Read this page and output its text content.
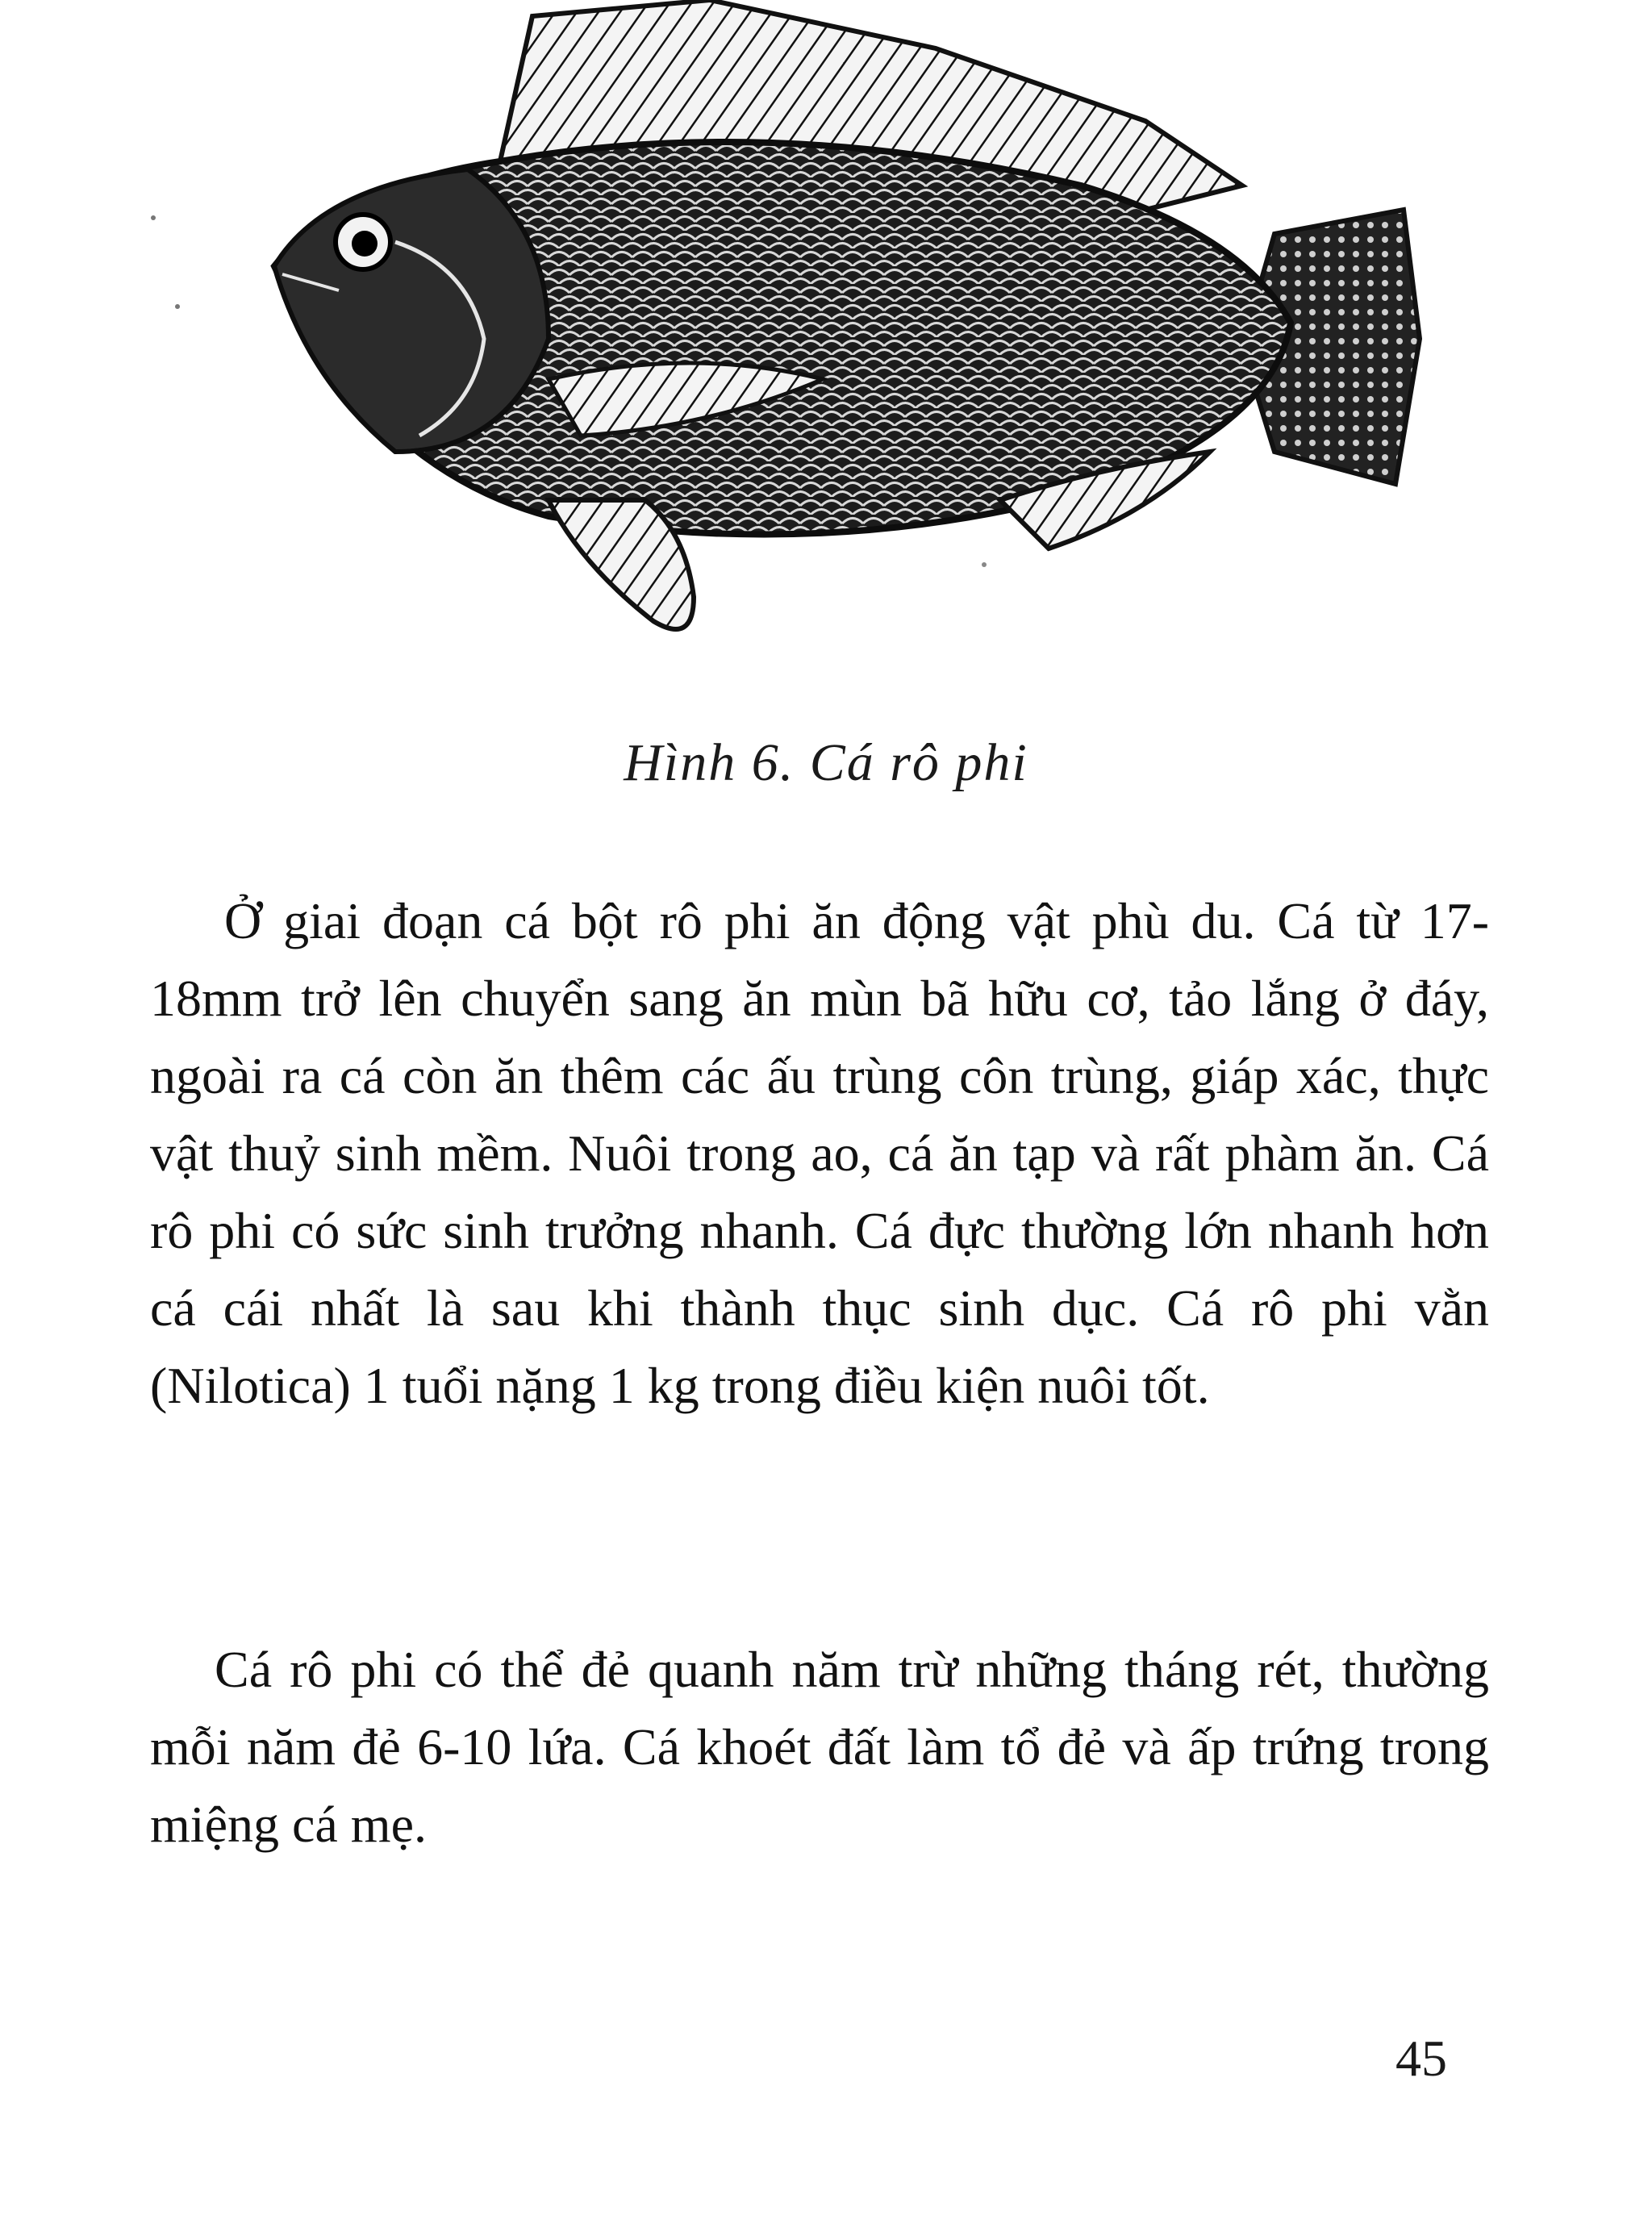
Hình 6. Cá rô phi

Ở giai đoạn cá bột rô phi ăn động vật phù du. Cá từ 17-18mm trở lên chuyển sang ăn mùn bã hữu cơ, tảo lắng ở đáy, ngoài ra cá còn ăn thêm các ấu trùng côn trùng, giáp xác, thực vật thuỷ sinh mềm. Nuôi trong ao, cá ăn tạp và rất phàm ăn. Cá rô phi có sức sinh trưởng nhanh. Cá đực thường lớn nhanh hơn cá cái nhất là sau khi thành thục sinh dục. Cá rô phi vằn (Nilotica) 1 tuổi nặng 1 kg trong điều kiện nuôi tốt.

Cá rô phi có thể đẻ quanh năm trừ những tháng rét, thường mỗi năm đẻ 6-10 lứa. Cá khoét đất làm tổ đẻ và ấp trứng trong miệng cá mẹ.

45
